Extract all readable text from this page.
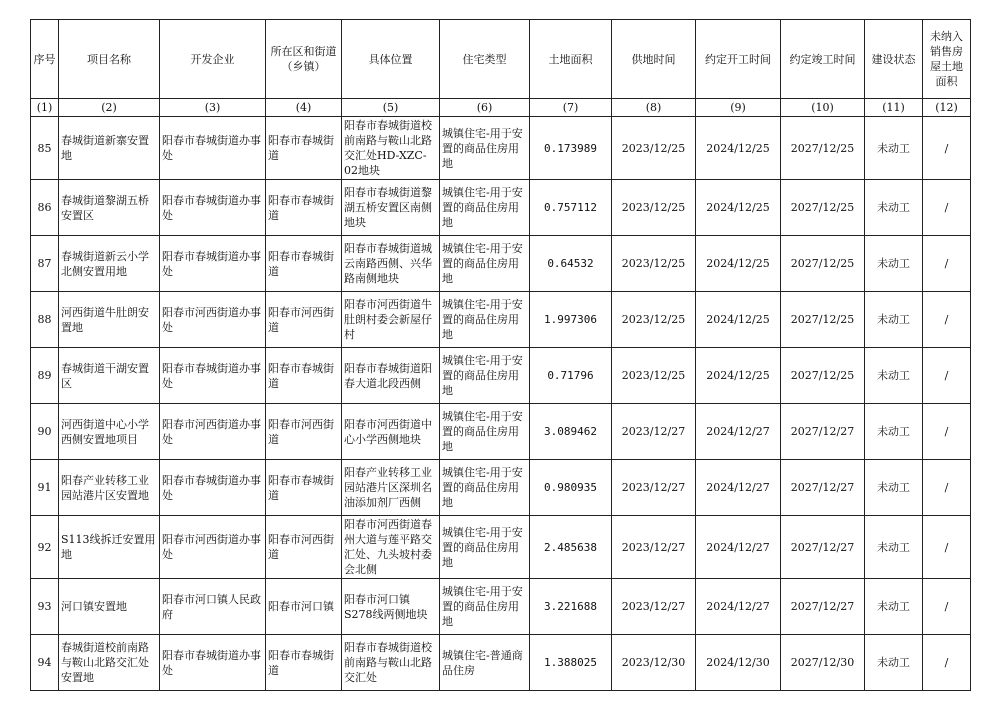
序号	项目名称	开发企业	所在区和街道（乡镇）	具体位置	住宅类型	土地面积	供地时间	约定开工时间	约定竣工时间	建设状态	未纳入销售房屋土地面积
(1)	(2)	(3)	(4)	(5)	(6)	(7)	(8)	(9)	(10)	(11)	(12)
85	春城街道新寨安置地	阳春市春城街道办事处	阳春市春城街道	阳春市春城街道校前南路与鞍山北路交汇处HD-XZC-02地块	城镇住宅-用于安置的商品住房用地	0.173989	2023/12/25	2024/12/25	2027/12/25	未动工	/
86	春城街道黎湖五桥安置区	阳春市春城街道办事处	阳春市春城街道	阳春市春城街道黎湖五桥安置区南侧地块	城镇住宅-用于安置的商品住房用地	0.757112	2023/12/25	2024/12/25	2027/12/25	未动工	/
87	春城街道新云小学北侧安置用地	阳春市春城街道办事处	阳春市春城街道	阳春市春城街道城云南路西侧、兴华路南侧地块	城镇住宅-用于安置的商品住房用地	0.64532	2023/12/25	2024/12/25	2027/12/25	未动工	/
88	河西街道牛肚朗安置地	阳春市河西街道办事处	阳春市河西街道	阳春市河西街道牛肚朗村委会新屋仔村	城镇住宅-用于安置的商品住房用地	1.997306	2023/12/25	2024/12/25	2027/12/25	未动工	/
89	春城街道干湖安置区	阳春市春城街道办事处	阳春市春城街道	阳春市春城街道阳春大道北段西侧	城镇住宅-用于安置的商品住房用地	0.71796	2023/12/25	2024/12/25	2027/12/25	未动工	/
90	河西街道中心小学西侧安置地项目	阳春市河西街道办事处	阳春市河西街道	阳春市河西街道中心小学西侧地块	城镇住宅-用于安置的商品住房用地	3.089462	2023/12/27	2024/12/27	2027/12/27	未动工	/
91	阳春产业转移工业园站港片区安置地	阳春市春城街道办事处	阳春市春城街道	阳春产业转移工业园站港片区深圳名油添加剂厂西侧	城镇住宅-用于安置的商品住房用地	0.980935	2023/12/27	2024/12/27	2027/12/27	未动工	/
92	S113线拆迁安置用地	阳春市河西街道办事处	阳春市河西街道	阳春市河西街道春州大道与莲平路交汇处、九头坡村委会北侧	城镇住宅-用于安置的商品住房用地	2.485638	2023/12/27	2024/12/27	2027/12/27	未动工	/
93	河口镇安置地	阳春市河口镇人民政府	阳春市河口镇	阳春市河口镇S278线两侧地块	城镇住宅-用于安置的商品住房用地	3.221688	2023/12/27	2024/12/27	2027/12/27	未动工	/
94	春城街道校前南路与鞍山北路交汇处安置地	阳春市春城街道办事处	阳春市春城街道	阳春市春城街道校前南路与鞍山北路交汇处	城镇住宅-普通商品住房	1.388025	2023/12/30	2024/12/30	2027/12/30	未动工	/
